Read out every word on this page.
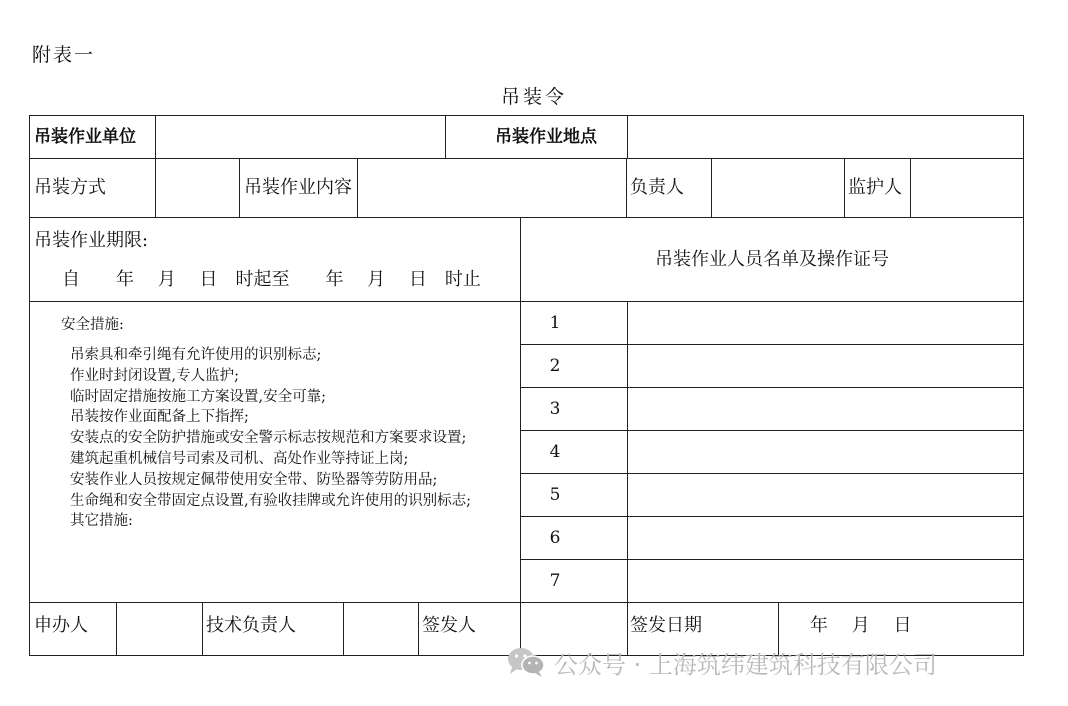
附表一
吊装令
吊装作业单位	吊装作业地点
吊装方式	吊装作业内容	负责人	监护人
吊装作业期限:
自　　年　 月　 日　时起至　　年　 月　 日　时止
吊装作业人员名单及操作证号
安全措施:
吊索具和牵引绳有允许使用的识别标志;
作业时封闭设置,专人监护;
临时固定措施按施工方案设置,安全可靠;
吊装按作业面配备上下指挥;
安装点的安全防护措施或安全警示标志按规范和方案要求设置;
建筑起重机械信号司索及司机、高处作业等持证上岗;
安装作业人员按规定佩带使用安全带、防坠器等劳防用品;
生命绳和安全带固定点设置,有验收挂牌或允许使用的识别标志;
其它措施:
1
2
3
4
5
6
7
申办人	技术负责人	签发人	签发日期	年　 月　 日
公众号 · 上海筑纬建筑科技有限公司
